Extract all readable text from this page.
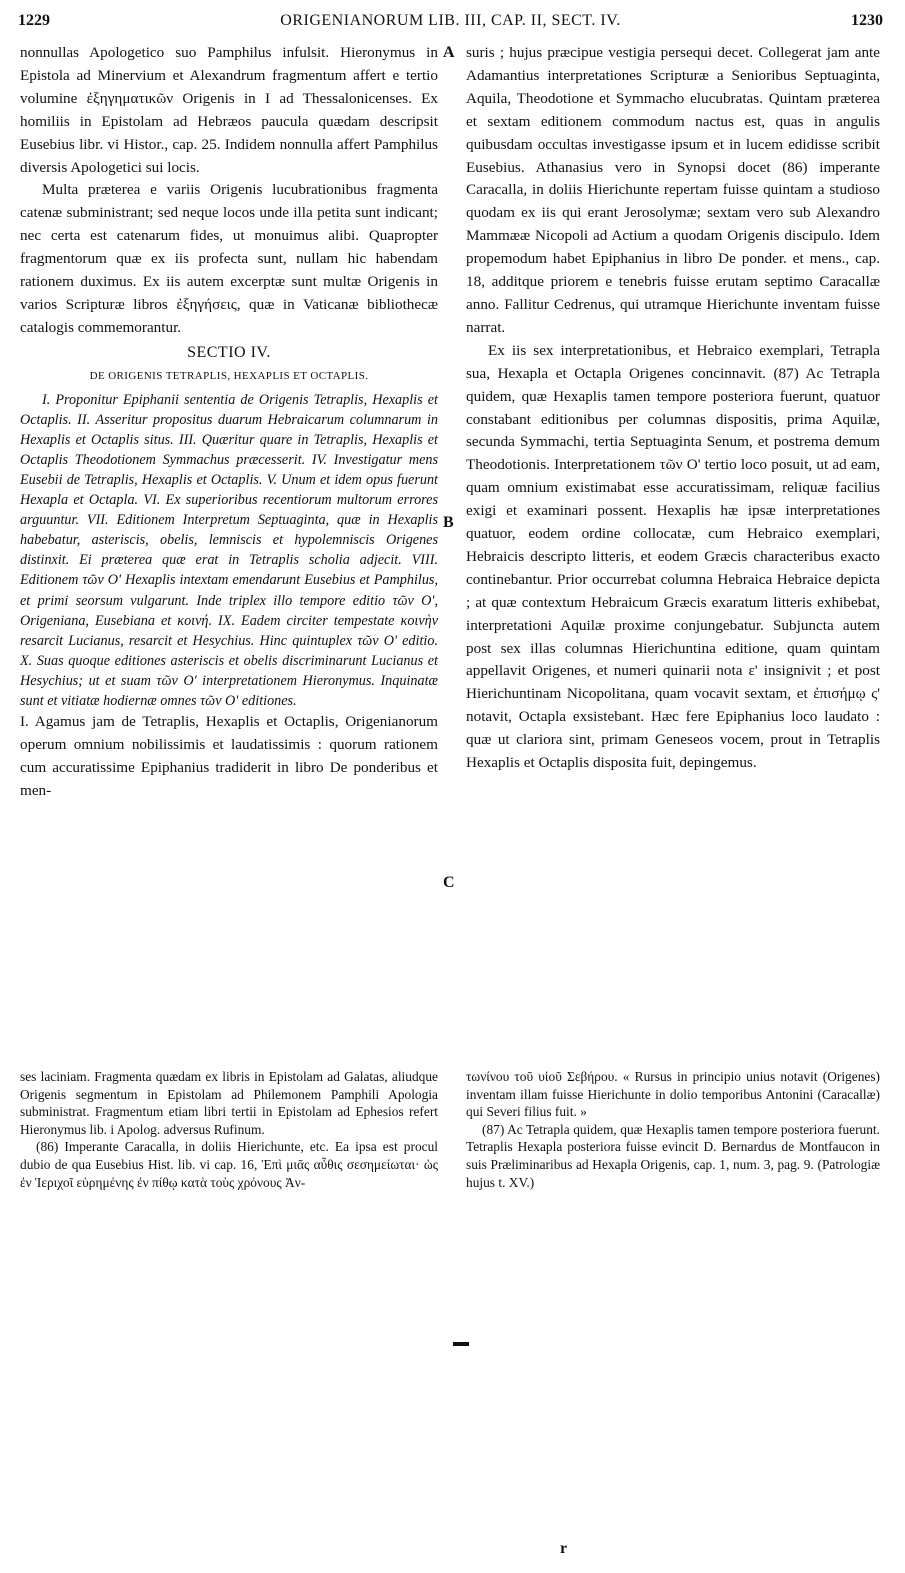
1229	ORIGENIANORUM LIB. III, CAP. II, SECT. IV.	1230

nonnullas Apologetico suo Pamphilus infulsit. Hieronymus in Epistola ad Minervium et Alexandrum fragmentum affert e tertio volumine ἐξηγηματικῶν Origenis in I ad Thessalonicenses. Ex homiliis in Epistolam ad Hebræos paucula quædam descripsit Eusebius libr. vi Histor., cap. 25. Indidem nonnulla affert Pamphilus diversis Apologetici sui locis.

Multa præterea e variis Origenis lucubrationibus fragmenta catenæ subministrant; sed neque locos unde illa petita sunt indicant; nec certa est catenarum fides, ut monuimus alibi. Quapropter fragmentorum quæ ex iis profecta sunt, nullam hic habendam rationem duximus. Ex iis autem excerptæ sunt multæ Origenis in varios Scripturæ libros ἐξηγήσεις, quæ in Vaticanæ bibliothecæ catalogis commemorantur.

SECTIO IV.
DE ORIGENIS TETRAPLIS, HEXAPLIS ET OCTAPLIS.

I. Proponitur Epiphanii sententia de Origenis Tetraplis, Hexaplis et Octaplis. II. Asseritur propositus duarum Hebraicarum columnarum in Hexaplis et Octaplis situs. III. Quæritur quare in Tetraplis, Hexaplis et Octaplis Theodotionem Symmachus præcesserit. IV. Investigatur mens Eusebii de Tetraplis, Hexaplis et Octaplis. V. Unum et idem opus fuerunt Hexapla et Octapla. VI. Ex superioribus recentiorum multorum errores arguuntur. VII. Editionem Interpretum Septuaginta, quæ in Hexaplis habebatur, asteriscis, obelis, lemniscis et hypolemniscis Origenes distinxit. Ei præterea quæ erat in Tetraplis scholia adjecit. VIII. Editionem τῶν Ο' Hexaplis intextam emendarunt Eusebius et Pamphilus, et primi seorsum vulgarunt. Inde triplex illo tempore editio τῶν Ο', Origeniana, Eusebiana et κοινή. IX. Eadem circiter tempestate κοινὴν resarcit Lucianus, resarcit et Hesychius. Hinc quintuplex τῶν Ο' editio. X. Suas quoque editiones asteriscis et obelis discriminarunt Lucianus et Hesychius; ut et suam τῶν Ο' interpretationem Hieronymus. Inquinatæ sunt et vitiatæ hodiernæ omnes τῶν Ο' editiones.

I. Agamus jam de Tetraplis, Hexaplis et Octaplis, Origenianorum operum omnium nobilissimis et laudatissimis : quorum rationem cum accuratissime Epiphanius tradiderit in libro De ponderibus et men-

A
B
C

suris ; hujus præcipue vestigia persequi decet. Collegerat jam ante Adamantius interpretationes Scripturæ a Senioribus Septuaginta, Aquila, Theodotione et Symmacho elucubratas. Quintam præterea et sextam editionem commodum nactus est, quas in angulis quibusdam occultas investigasse ipsum et in lucem edidisse scribit Eusebius. Athanasius vero in Synopsi docet (86) imperante Caracalla, in doliis Hierichunte repertam fuisse quintam a studioso quodam ex iis qui erant Jerosolymæ; sextam vero sub Alexandro Mammææ Nicopoli ad Actium a quodam Origenis discipulo. Idem propemodum habet Epiphanius in libro De ponder. et mens., cap. 18, additque priorem e tenebris fuisse erutam septimo Caracallæ anno. Fallitur Cedrenus, qui utramque Hierichunte inventam fuisse narrat.

Ex iis sex interpretationibus, et Hebraico exemplari, Tetrapla sua, Hexapla et Octapla Origenes concinnavit. (87) Ac Tetrapla quidem, quæ Hexaplis tamen tempore posteriora fuerunt, quatuor constabant editionibus per columnas dispositis, prima Aquilæ, secunda Symmachi, tertia Septuaginta Senum, et postrema demum Theodotionis. Interpretationem τῶν Ο' tertio loco posuit, ut ad eam, quam omnium existimabat esse accuratissimam, reliquæ facilius exigi et examinari possent. Hexaplis hæ ipsæ interpretationes quatuor, eodem ordine collocatæ, cum Hebraico exemplari, Hebraicis descripto litteris, et eodem Græcis characteribus exacto continebantur. Prior occurrebat columna Hebraica Hebraice depicta ; at quæ contextum Hebraicum Græcis exaratum litteris exhibebat, interpretationi Aquilæ proxime conjungebatur. Subjuncta autem post sex illas columnas Hierichuntina editione, quam quintam appellavit Origenes, et numeri quinarii nota ε' insignivit ; et post Hierichuntinam Nicopolitana, quam vocavit sextam, et ἐπισήμῳ ς' notavit, Octapla exsistebant. Hæc fere Epiphanius loco laudato : quæ ut clariora sint, primam Geneseos vocem, prout in Tetraplis Hexaplis et Octaplis disposita fuit, depingemus.

ses laciniam. Fragmenta quædam ex libris in Epistolam ad Galatas, aliudque Origenis segmentum in Epistolam ad Philemonem Pamphili Apologia subministrat. Fragmentum etiam libri tertii in Epistolam ad Ephesios refert Hieronymus lib. i Apolog. adversus Rufinum.

(86) Imperante Caracalla, in doliis Hierichunte, etc. Ea ipsa est procul dubio de qua Eusebius Hist. lib. vi cap. 16, Ἐπὶ μιᾶς αὖθις σεσημείωται· ὡς ἐν Ἱεριχοῖ εὑρημένης ἐν πίθῳ κατὰ τοὺς χρόνους Ἀν-

τωνίνου τοῦ υἱοῦ Σεβήρου. « Rursus in principio unius notavit (Origenes) inventam illam fuisse Hierichunte in dolio temporibus Antonini (Caracallæ) qui Severi filius fuit. »

(87) Ac Tetrapla quidem, quæ Hexaplis tamen tempore posteriora fuerunt. Tetraplis Hexapla posteriora fuisse evincit D. Bernardus de Montfaucon in suis Præliminaribus ad Hexapla Origenis, cap. 1, num. 3, pag. 9. (Patrologiæ hujus t. XV.)

r
